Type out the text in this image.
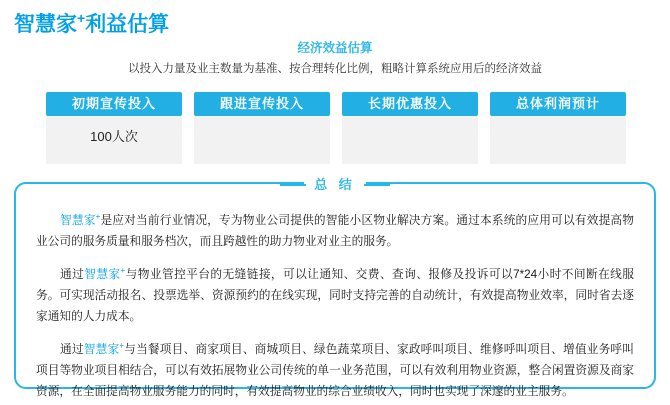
智慧家+利益估算
经济效益估算
以投入力量及业主数量为基准、按合理转化比例，粗略计算系统应用后的经济效益
初期宣传投入
100人次
跟进宣传投入	长期优惠投入	总体利润预计
总 结

智慧家+是应对当前行业情况，专为物业公司提供的智能小区物业解决方案。通过本系统的应用可以有效提高物业公司的服务质量和服务档次，而且跨越性的助力物业对业主的服务。

通过智慧家+与物业管控平台的无缝链接，可以让通知、交费、查询、报修及投诉可以7*24小时不间断在线服务。可实现活动报名、投票选举、资源预约的在线实现，同时支持完善的自动统计，有效提高物业效率，同时省去逐家通知的人力成本。

通过智慧家+与当餐项目、商家项目、商城项目、绿色蔬菜项目、家政呼叫项目、维修呼叫项目、增值业务呼叫项目等物业项目相结合，可以有效拓展物业公司传统的单一业务范围，可以有效利用物业资源，整合闲置资源及商家资源，在全面提高物业服务能力的同时，有效提高物业的综合业绩收入，同时也实现了深邃的业主服务。
